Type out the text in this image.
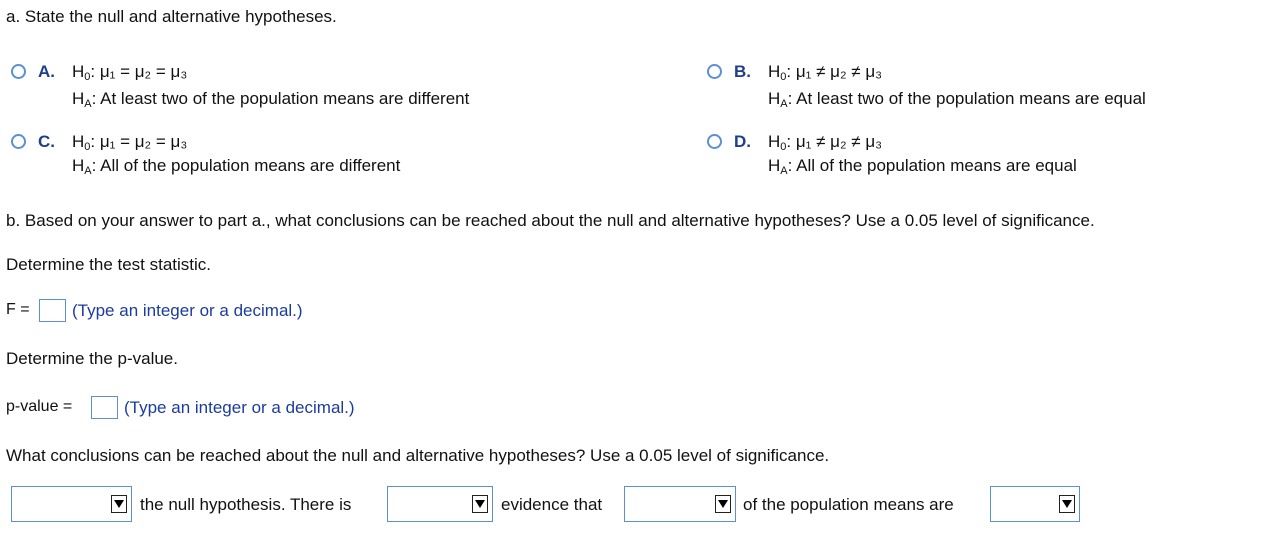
a. State the null and alternative hypotheses.
A. $H_0$: μ₁ = μ₂ = μ₃
$H_A$: At least two of the population means are different
B. $H_0$: μ₁ ≠ μ₂ ≠ μ₃
$H_A$: At least two of the population means are equal
C. $H_0$: μ₁ = μ₂ = μ₃
$H_A$: All of the population means are different
D. $H_0$: μ₁ ≠ μ₂ ≠ μ₃
$H_A$: All of the population means are equal
b. Based on your answer to part a., what conclusions can be reached about the null and alternative hypotheses? Use a 0.05 level of significance.
Determine the test statistic.
F = (Type an integer or a decimal.)
Determine the p-value.
p-value =	(Type an integer or a decimal.)
What conclusions can be reached about the null and alternative hypotheses? Use a 0.05 level of significance.
the null hypothesis. There is	evidence that	of the population means are
